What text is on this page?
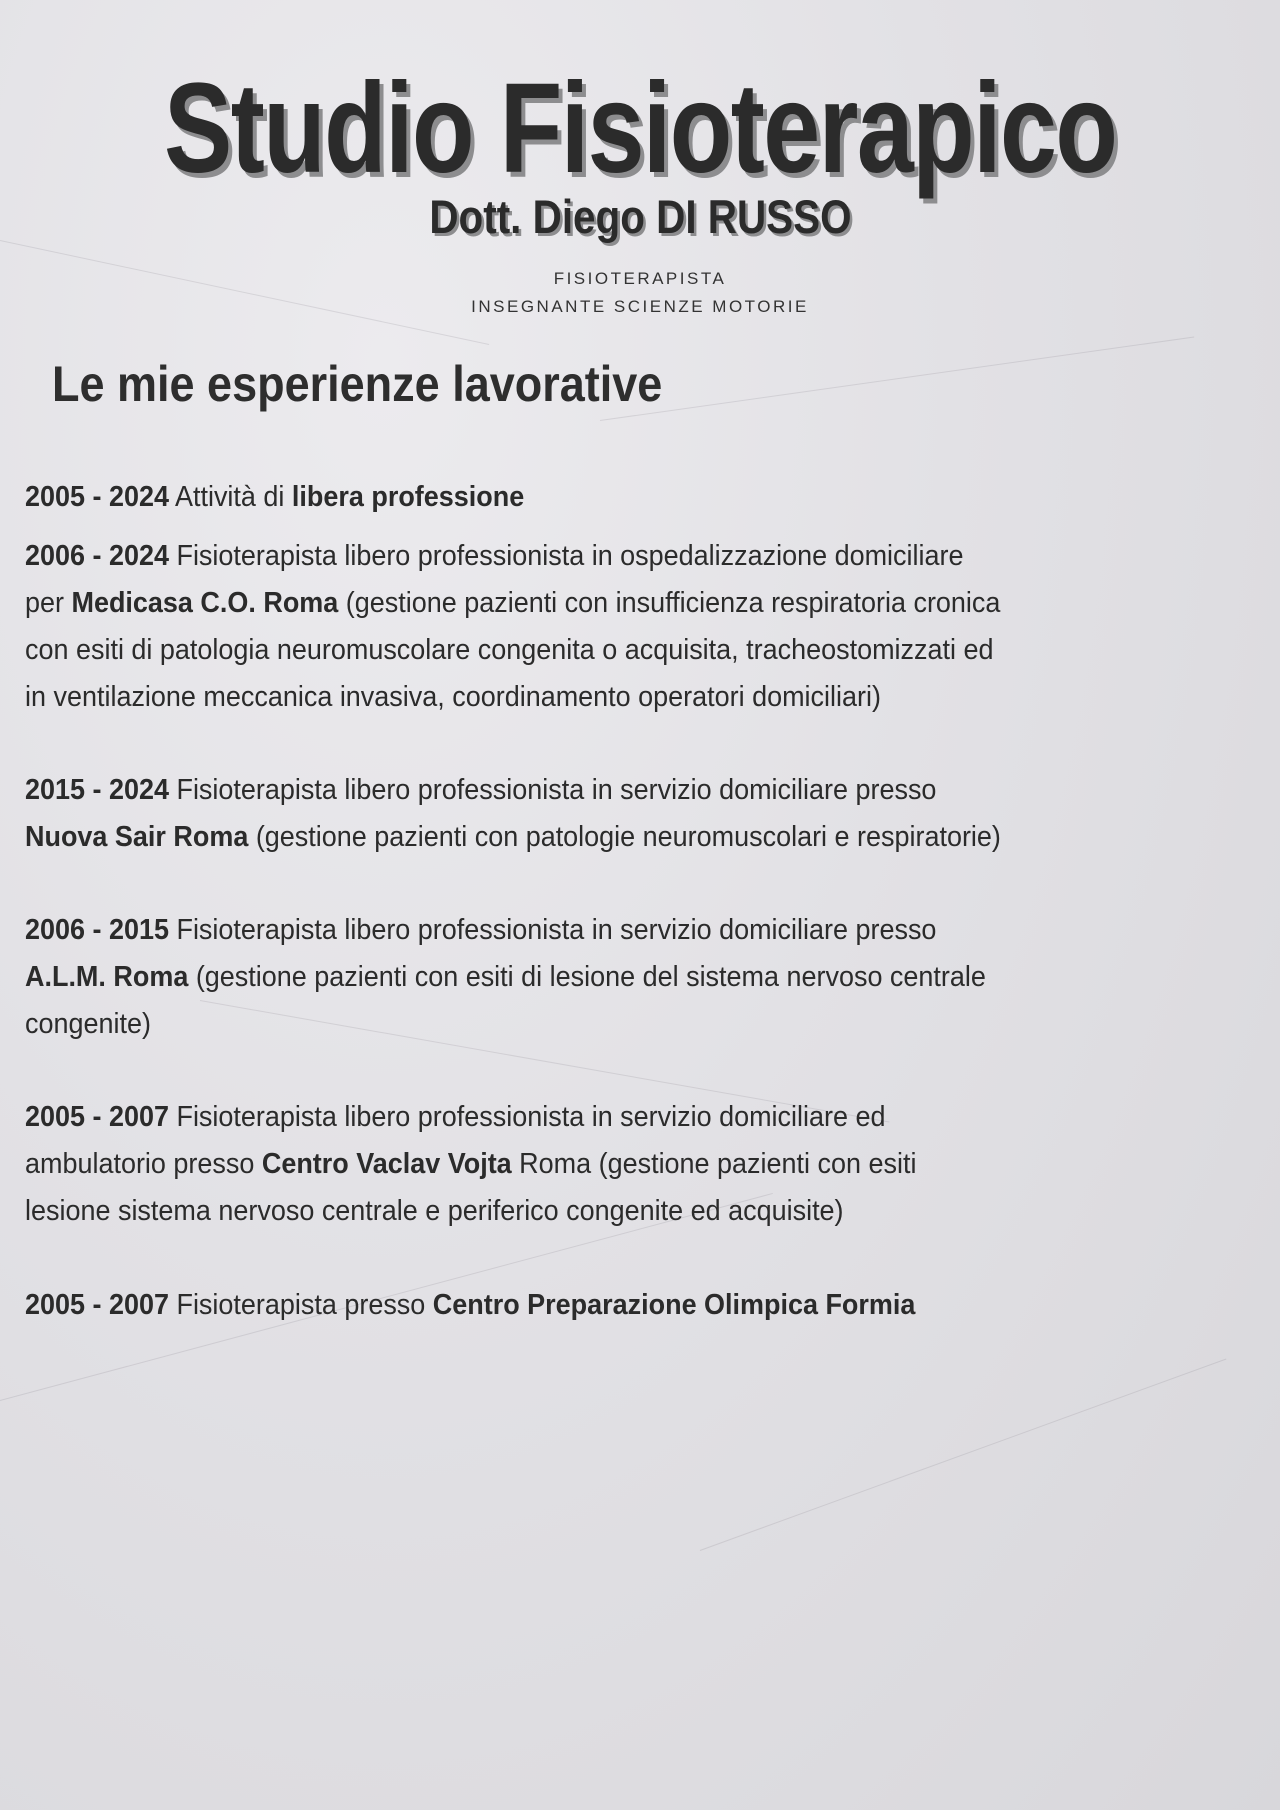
Studio Fisioterapico
Dott. Diego DI RUSSO
FISIOTERAPISTA
INSEGNANTE SCIENZE MOTORIE
Le mie esperienze lavorative
2005 - 2024 Attività di libera professione
2006 - 2024 Fisioterapista libero professionista in ospedalizzazione domiciliare
per Medicasa C.O. Roma (gestione pazienti con insufficienza respiratoria cronica
con esiti di patologia neuromuscolare congenita o acquisita, tracheostomizzati ed
in ventilazione meccanica invasiva, coordinamento operatori domiciliari)
2015 - 2024 Fisioterapista libero professionista in servizio domiciliare presso
Nuova Sair Roma (gestione pazienti con patologie neuromuscolari e respiratorie)
2006 - 2015 Fisioterapista libero professionista in servizio domiciliare presso
A.L.M. Roma (gestione pazienti con esiti di lesione del sistema nervoso centrale
congenite)
2005 - 2007 Fisioterapista libero professionista in servizio domiciliare ed
ambulatorio presso Centro Vaclav Vojta Roma (gestione pazienti con esiti
lesione sistema nervoso centrale e periferico congenite ed acquisite)
2005 - 2007 Fisioterapista presso Centro Preparazione Olimpica Formia
